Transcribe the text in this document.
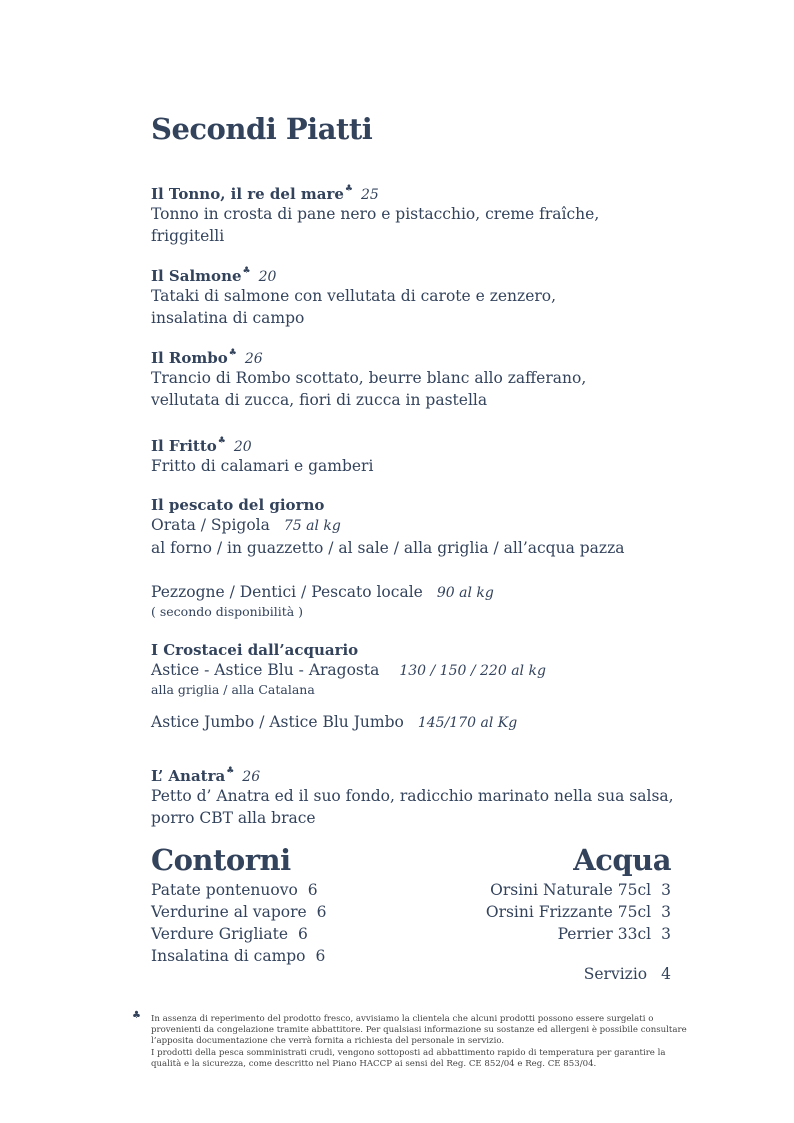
Secondi Piatti
Il Tonno, il re del mare♣ 25
Tonno in crosta di pane nero e pistacchio, creme fraîche,
friggitelli
Il Salmone♣ 20
Tataki di salmone con vellutata di carote e zenzero,
insalatina di campo
Il Rombo♣ 26
Trancio di Rombo scottato, beurre blanc allo zafferano,
vellutata di zucca, fiori di zucca in pastella
Il Fritto♣ 20
Fritto di calamari e gamberi
Il pescato del giorno
Orata / Spigola 75 al kg
al forno / in guazzetto / al sale / alla griglia / all’acqua pazza
Pezzogne / Dentici / Pescato locale 90 al kg
( secondo disponibilità )
I Crostacei dall’acquario
Astice - Astice Blu - Aragosta 130 / 150 / 220 al kg
alla griglia / alla Catalana
Astice Jumbo / Astice Blu Jumbo 145/170 al Kg
L’ Anatra♣ 26
Petto d’ Anatra ed il suo fondo, radicchio marinato nella sua salsa,
porro CBT alla brace
Contorni
Patate pontenuovo 6
Verdurine al vapore 6
Verdure Grigliate 6
Insalatina di campo 6
Acqua
Orsini Naturale 75cl 3
Orsini Frizzante 75cl 3
Perrier 33cl 3
Servizio 4
♣ In assenza di reperimento del prodotto fresco, avvisiamo la clientela che alcuni prodotti possono essere surgelati o
provenienti da congelazione tramite abbattitore. Per qualsiasi informazione su sostanze ed allergeni è possibile consultare
l’apposita documentazione che verrà fornita a richiesta del personale in servizio.
I prodotti della pesca somministrati crudi, vengono sottoposti ad abbattimento rapido di temperatura per garantire la
qualità e la sicurezza, come descritto nel Piano HACCP ai sensi del Reg. CE 852/04 e Reg. CE 853/04.
